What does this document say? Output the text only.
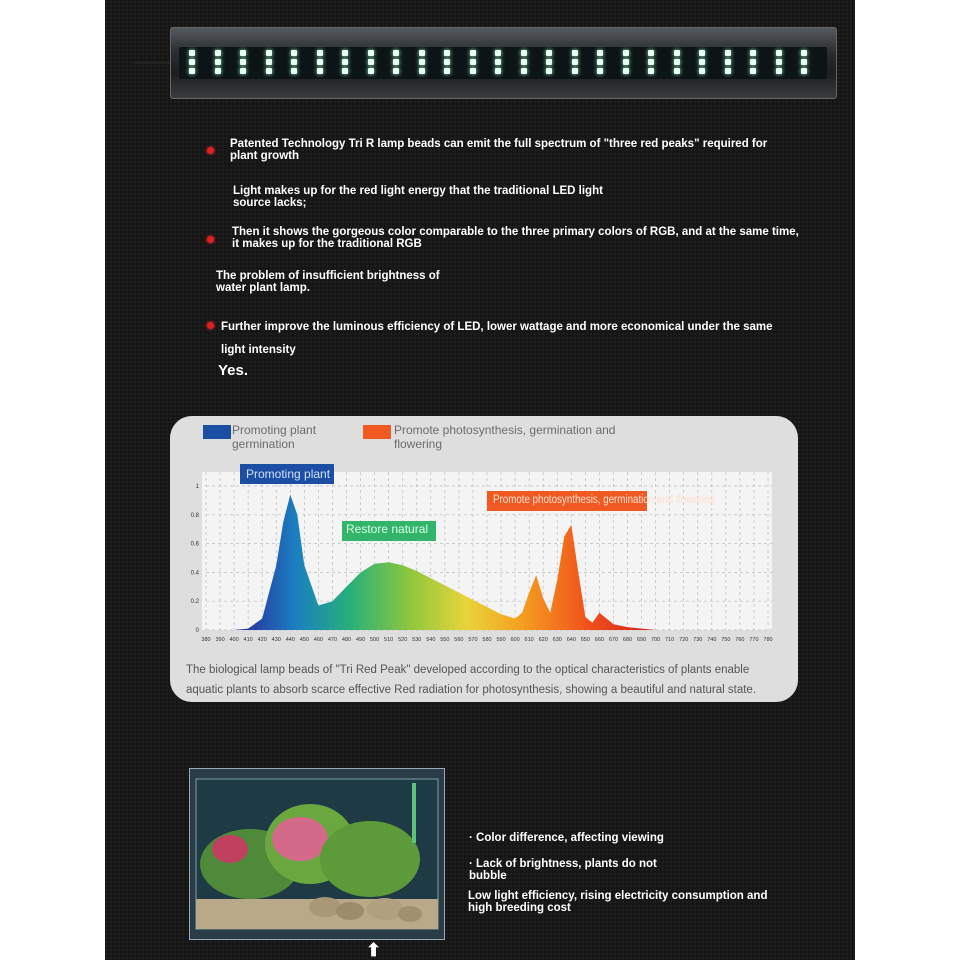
Patented Technology Tri R lamp beads can emit the full spectrum of "three red peaks" required for plant growth
Light makes up for the red light energy that the traditional LED light source lacks;
Then it shows the gorgeous color comparable to the three primary colors of RGB, and at the same time, it makes up for the traditional RGB
The problem of insufficient brightness of water plant lamp.
Further improve the luminous efficiency of LED, lower wattage and more economical under the same
light intensity
Yes.
Promoting plant germination
Promote photosynthesis, germination and flowering
380 390 400 410 420 430 440 450 460 470 480 490 500 510 520 530 540 550 560 570 580 590 600 610 620 630 640 650 660 670 680 690 700 710 720 730 740 750 760 770 780
0
0.2
0.4
0.6
0.8
1
Promoting plant
Restore natural
Promote photosynthesis, germination and flowering
The biological lamp beads of "Tri Red Peak" developed according to the optical characteristics of plants enable
aquatic plants to absorb scarce effective Red radiation for photosynthesis, showing a beautiful and natural state.
⬆
· Color difference, affecting viewing
· Lack of brightness, plants do not bubble
Low light efficiency, rising electricity consumption and high breeding cost
